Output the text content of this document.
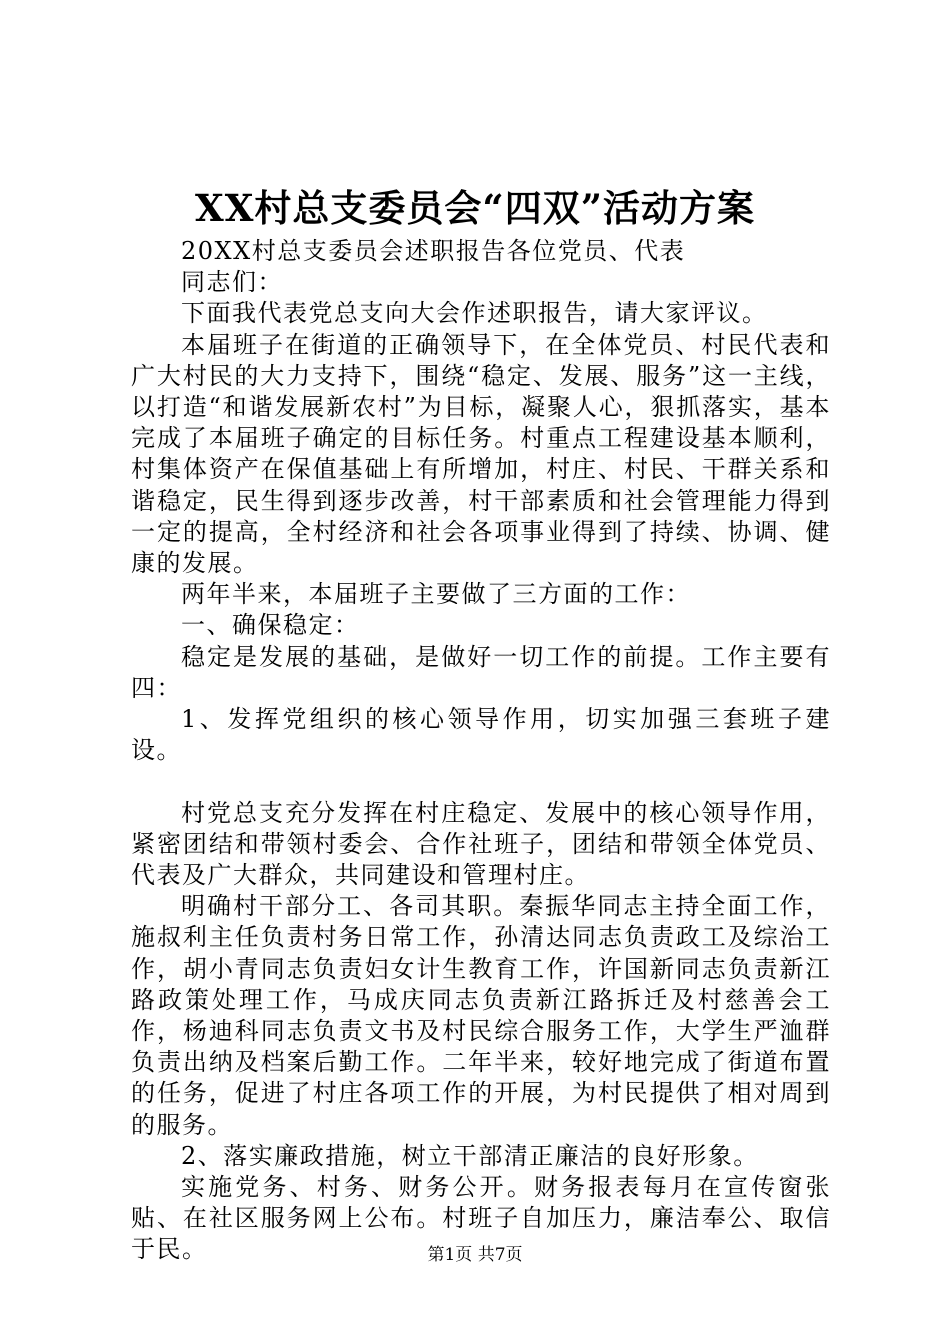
XX村总支委员会“四双”活动方案

20XX村总支委员会述职报告各位党员、代表

同志们：

下面我代表党总支向大会作述职报告，请大家评议。

本届班子在街道的正确领导下，在全体党员、村民代表和广大村民的大力支持下，围绕“稳定、发展、服务”这一主线，以打造“和谐发展新农村”为目标，凝聚人心，狠抓落实，基本完成了本届班子确定的目标任务。村重点工程建设基本顺利，村集体资产在保值基础上有所增加，村庄、村民、干群关系和谐稳定，民生得到逐步改善，村干部素质和社会管理能力得到一定的提高，全村经济和社会各项事业得到了持续、协调、健康的发展。

两年半来，本届班子主要做了三方面的工作：

一、确保稳定：

稳定是发展的基础，是做好一切工作的前提。工作主要有四：

1、发挥党组织的核心领导作用，切实加强三套班子建设。

村党总支充分发挥在村庄稳定、发展中的核心领导作用，紧密团结和带领村委会、合作社班子，团结和带领全体党员、代表及广大群众，共同建设和管理村庄。

明确村干部分工、各司其职。秦振华同志主持全面工作，施叔利主任负责村务日常工作，孙清达同志负责政工及综治工作，胡小青同志负责妇女计生教育工作，许国新同志负责新江路政策处理工作，马成庆同志负责新江路拆迁及村慈善会工作，杨迪科同志负责文书及村民综合服务工作，大学生严洫群负责出纳及档案后勤工作。二年半来，较好地完成了街道布置的任务，促进了村庄各项工作的开展，为村民提供了相对周到的服务。

2、落实廉政措施，树立干部清正廉洁的良好形象。

实施党务、村务、财务公开。财务报表每月在宣传窗张贴、在社区服务网上公布。村班子自加压力，廉洁奉公、取信于民。	第1页 共7页
